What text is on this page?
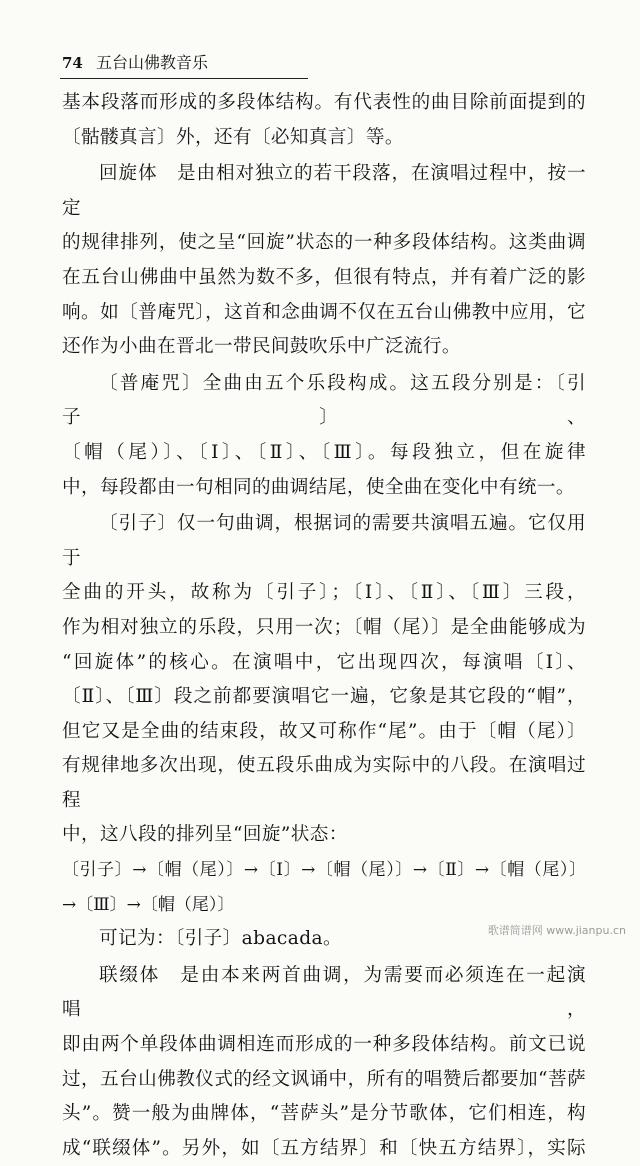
74 五台山佛教音乐

基本段落而形成的多段体结构。有代表性的曲目除前面提到的

〔骷髅真言〕外，还有〔必知真言〕等。

回旋体　是由相对独立的若干段落，在演唱过程中，按一定

的规律排列，使之呈“回旋”状态的一种多段体结构。这类曲调

在五台山佛曲中虽然为数不多，但很有特点，并有着广泛的影

响。如〔普庵咒〕，这首和念曲调不仅在五台山佛教中应用，它

还作为小曲在晋北一带民间鼓吹乐中广泛流行。

〔普庵咒〕全曲由五个乐段构成。这五段分别是：〔引子〕、

〔帽（尾）〕、〔Ⅰ〕、〔Ⅱ〕、〔Ⅲ〕。每段独立，但在旋律

中，每段都由一句相同的曲调结尾，使全曲在变化中有统一。

〔引子〕仅一句曲调，根据词的需要共演唱五遍。它仅用于

全曲的开头，故称为〔引子〕；〔Ⅰ〕、〔Ⅱ〕、〔Ⅲ〕三段，

作为相对独立的乐段，只用一次；〔帽（尾）〕是全曲能够成为

“回旋体”的核心。在演唱中，它出现四次，每演唱〔Ⅰ〕、

〔Ⅱ〕、〔Ⅲ〕段之前都要演唱它一遍，它象是其它段的“帽”，

但它又是全曲的结束段，故又可称作“尾”。由于〔帽（尾）〕

有规律地多次出现，使五段乐曲成为实际中的八段。在演唱过程

中，这八段的排列呈“回旋”状态：

〔引子〕→〔帽（尾）〕→〔Ⅰ〕→〔帽（尾）〕→〔Ⅱ〕→〔帽（尾）〕

→〔Ⅲ〕→〔帽（尾）〕

可记为：〔引子〕abacada。

联缀体　是由本来两首曲调，为需要而必须连在一起演唱，

即由两个单段体曲调相连而形成的一种多段体结构。前文已说

过，五台山佛教仪式的经文讽诵中，所有的唱赞后都要加“菩萨

头”。赞一般为曲牌体，“菩萨头”是分节歌体，它们相连，构

成“联缀体”。另外，如〔五方结界〕和〔快五方结界〕，实际

歌谱简谱网 www.jianpu.cn
